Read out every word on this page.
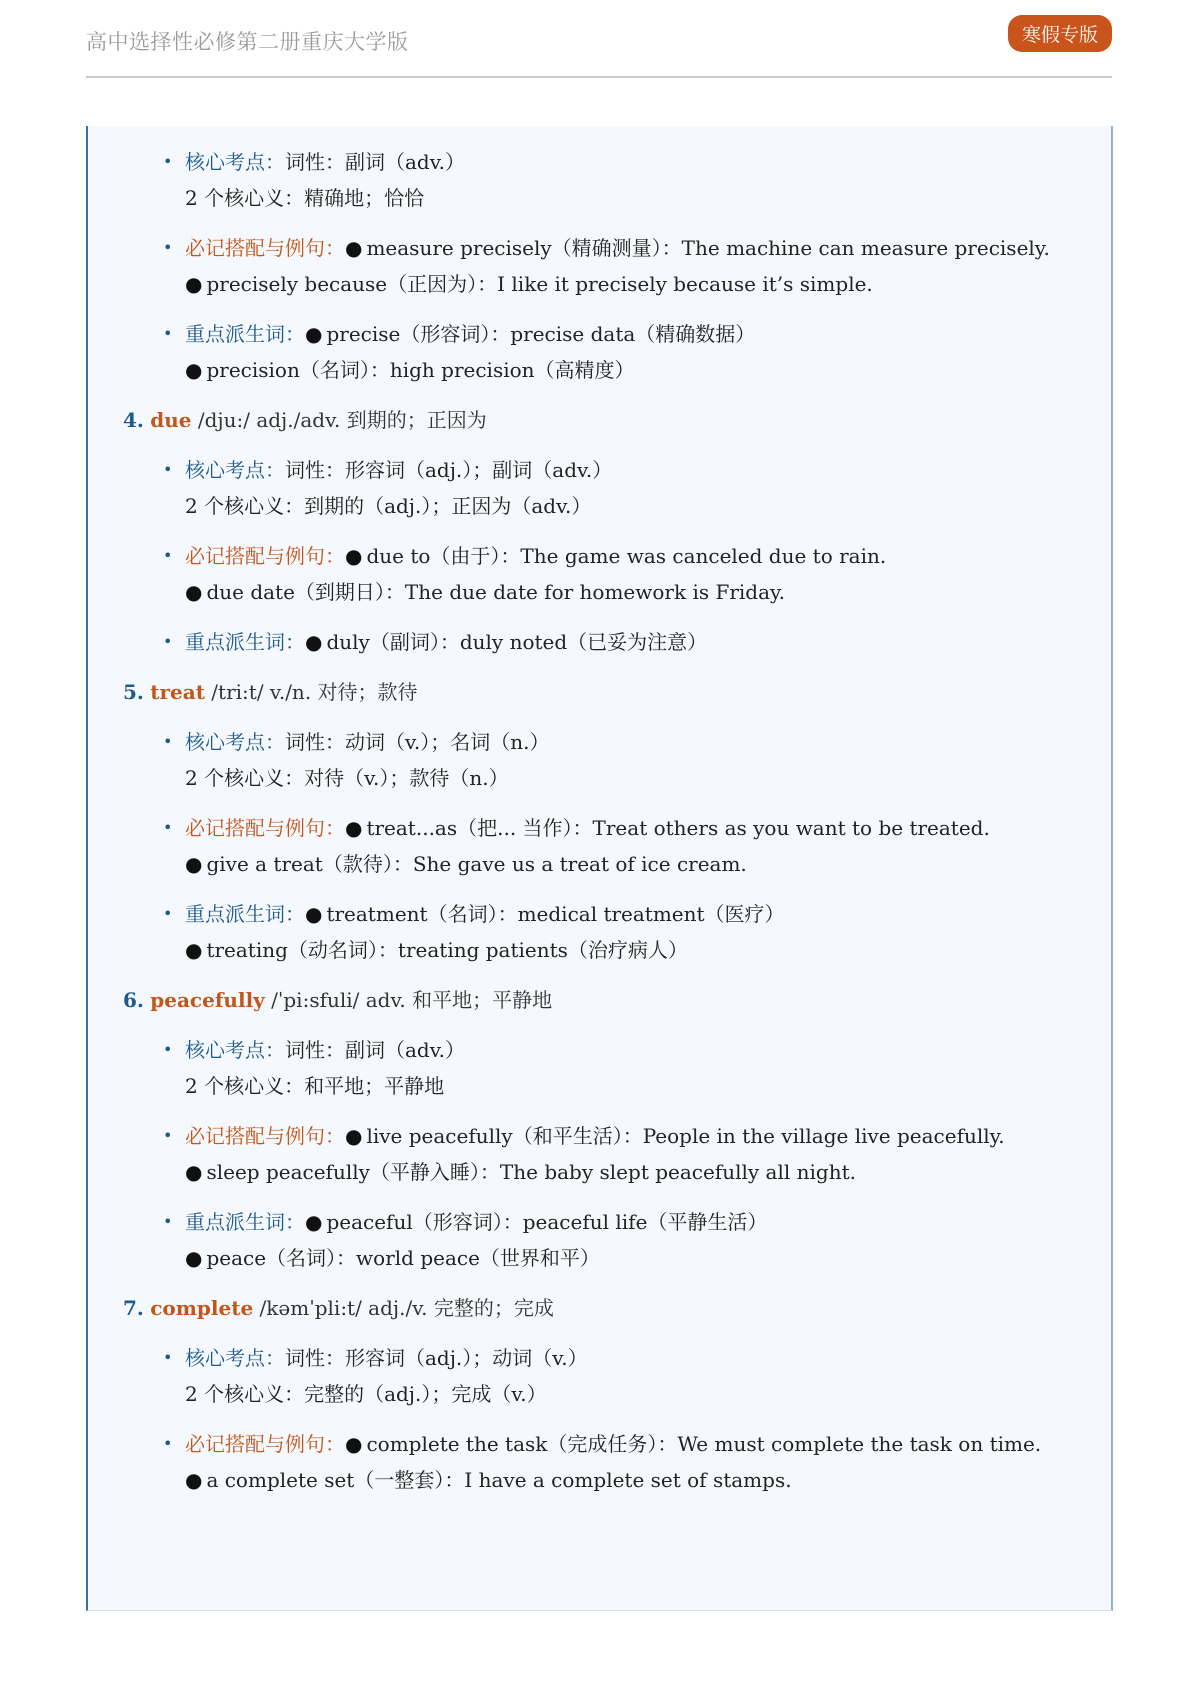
高中选择性必修第二册重庆大学版	寒假专版
• 核心考点：词性：副词（adv.）
2 个核心义：精确地；恰恰
• 必记搭配与例句：● measure precisely（精确测量）：The machine can measure precisely.
● precisely because（正因为）：I like it precisely because it’s simple.
• 重点派生词：● precise（形容词）：precise data（精确数据）
● precision（名词）：high precision（高精度）
4. due /dju:/ adj./adv. 到期的；正因为
• 核心考点：词性：形容词（adj.）；副词（adv.）
2 个核心义：到期的（adj.）；正因为（adv.）
• 必记搭配与例句：● due to（由于）：The game was canceled due to rain.
● due date（到期日）：The due date for homework is Friday.
• 重点派生词：● duly（副词）：duly noted（已妥为注意）
5. treat /tri:t/ v./n. 对待；款待
• 核心考点：词性：动词（v.）；名词（n.）
2 个核心义：对待（v.）；款待（n.）
• 必记搭配与例句：● treat...as（把... 当作）：Treat others as you want to be treated.
● give a treat（款待）：She gave us a treat of ice cream.
• 重点派生词：● treatment（名词）：medical treatment（医疗）
● treating（动名词）：treating patients（治疗病人）
6. peacefully /ˈpi:sfuli/ adv. 和平地；平静地
• 核心考点：词性：副词（adv.）
2 个核心义：和平地；平静地
• 必记搭配与例句：● live peacefully（和平生活）：People in the village live peacefully.
● sleep peacefully（平静入睡）：The baby slept peacefully all night.
• 重点派生词：● peaceful（形容词）：peaceful life（平静生活）
● peace（名词）：world peace（世界和平）
7. complete /kəmˈpli:t/ adj./v. 完整的；完成
• 核心考点：词性：形容词（adj.）；动词（v.）
2 个核心义：完整的（adj.）；完成（v.）
• 必记搭配与例句：● complete the task（完成任务）：We must complete the task on time.
● a complete set（一整套）：I have a complete set of stamps.
